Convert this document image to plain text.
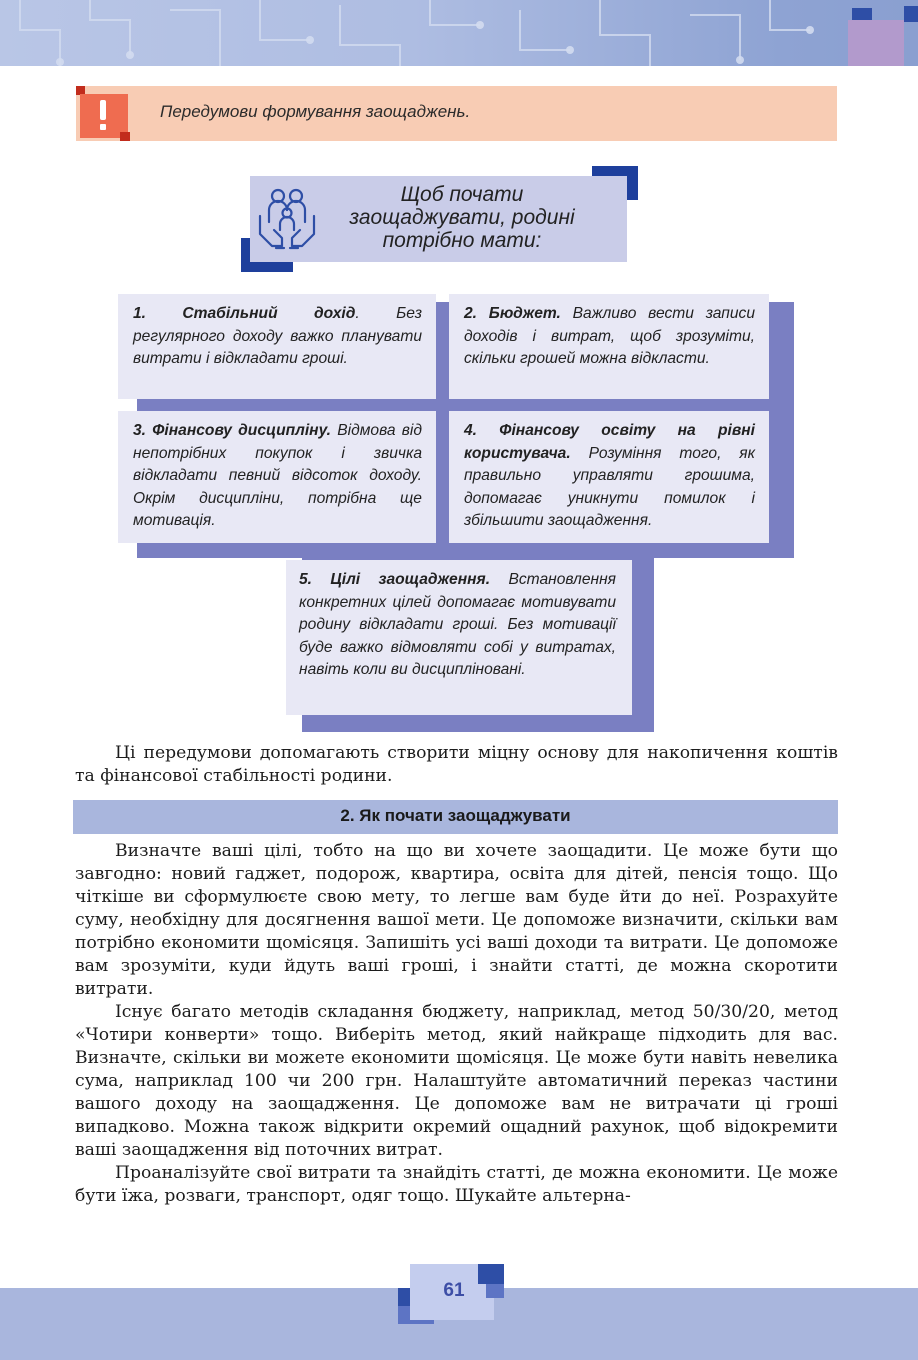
Передумови формування заощаджень.
Щоб почати заощаджувати, родині потрібно мати:
1. Стабільний дохід. Без регулярного доходу важко планувати витрати і відкладати гроші.
2. Бюджет. Важливо вести записи доходів і витрат, щоб зрозуміти, скільки грошей можна відкласти.
3. Фінансову дисципліну. Відмова від непотрібних покупок і звичка відкладати певний відсоток доходу. Окрім дисципліни, потрібна ще мотивація.
4. Фінансову освіту на рівні користувача. Розуміння того, як правильно управляти грошима, допомагає уникнути помилок і збільшити заощадження.
5. Цілі заощадження. Встановлення конкретних цілей допомагає мотивувати родину відкладати гроші. Без мотивації буде важко відмовляти собі у витратах, навіть коли ви дисципліновані.
Ці передумови допомагають створити міцну основу для накопичення коштів та фінансової стабільності родини.
2. Як почати заощаджувати

Визначте ваші цілі, тобто на що ви хочете заощадити. Це може бути що завгодно: новий гаджет, подорож, квартира, освіта для дітей, пенсія тощо. Що чіткіше ви сформулюєте свою мету, то легше вам буде йти до неї. Розрахуйте суму, необхідну для досягнення вашої мети. Це допоможе визначити, скільки вам потрібно економити щомісяця. Запишіть усі ваші доходи та витрати. Це допоможе вам зрозуміти, куди йдуть ваші гроші, і знайти статті, де можна скоротити витрати.

Існує багато методів складання бюджету, наприклад, метод 50/30/20, метод «Чотири конверти» тощо. Виберіть метод, який найкраще підходить для вас. Визначте, скільки ви можете економити щомісяця. Це може бути навіть невелика сума, наприклад 100 чи 200 грн. Налаштуйте автоматичний переказ частини вашого доходу на заощадження. Це допоможе вам не витрачати ці гроші випадково. Можна також відкрити окремий ощадний рахунок, щоб відокремити ваші заощадження від поточних витрат.

Проаналізуйте свої витрати та знайдіть статті, де можна економити. Це може бути їжа, розваги, транспорт, одяг тощо. Шукайте альтерна-

61
